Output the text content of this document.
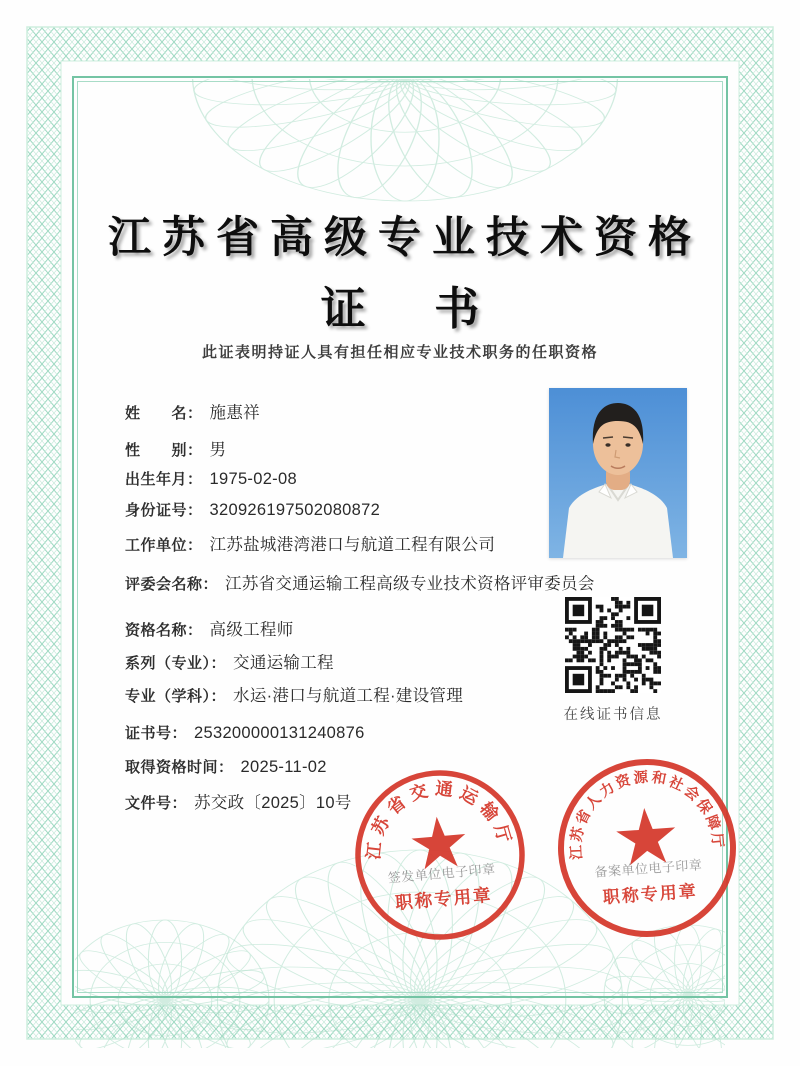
江苏省高级专业技术资格
证 书
此证表明持证人具有担任相应专业技术职务的任职资格
姓　　名： 施惠祥
性　　别： 男
出生年月： 1975-02-08
身份证号： 320926197502080872
工作单位： 江苏盐城港湾港口与航道工程有限公司
评委会名称： 江苏省交通运输工程高级专业技术资格评审委员会
资格名称： 高级工程师
系列（专业）： 交通运输工程
专业（学科）： 水运·港口与航道工程·建设管理
证书号： 253200000131240876
取得资格时间： 2025-11-02
文件号： 苏交政〔2025〕10号
在线证书信息
江苏省交通运输厅
签发单位电子印章
职称专用章
江苏省人力资源和社会保障厅
备案单位电子印章
职称专用章
